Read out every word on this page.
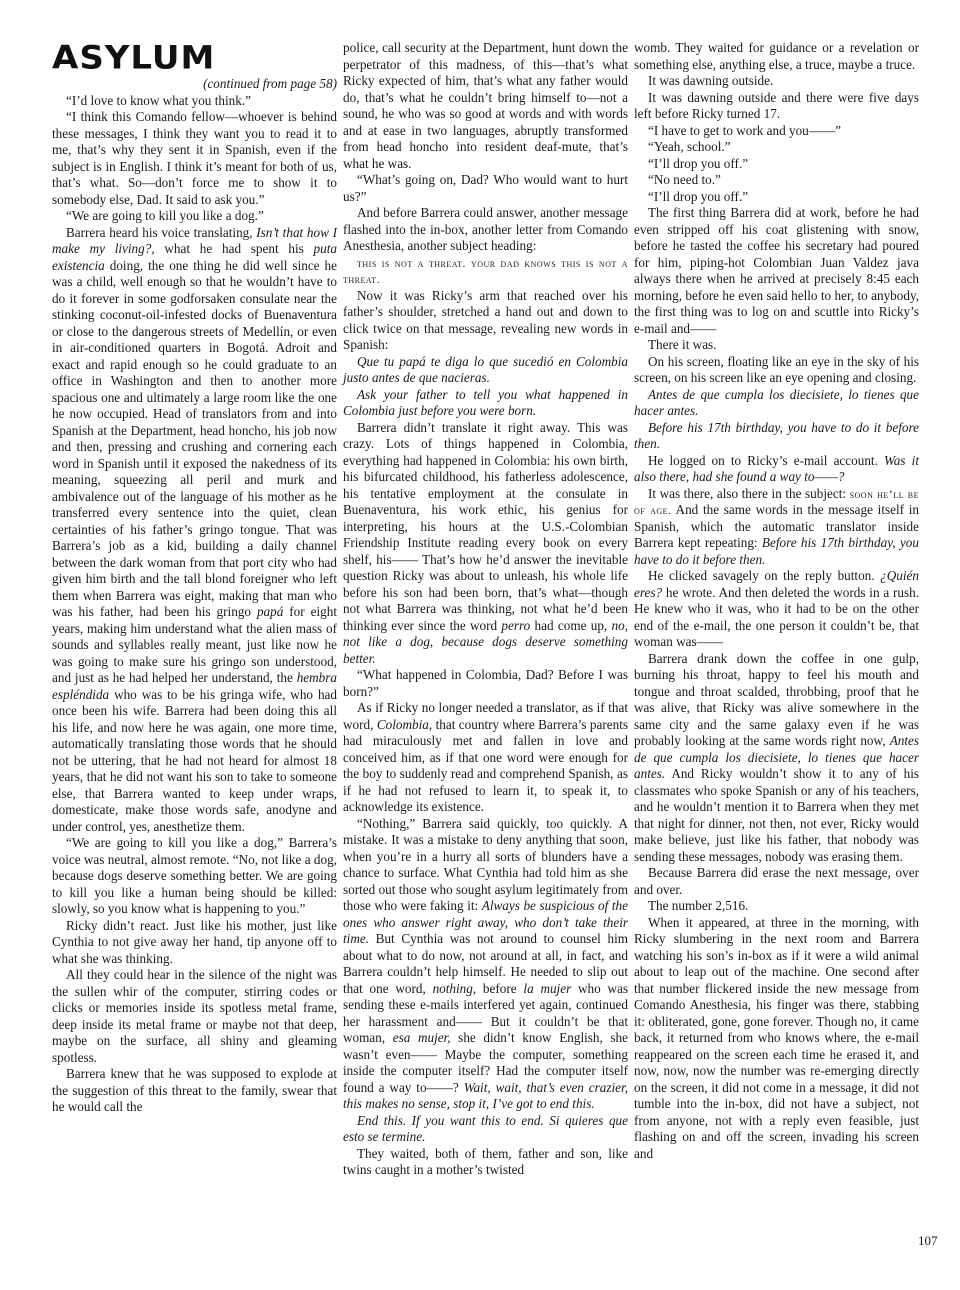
ASYLUM
(continued from page 58)

“I’d love to know what you think.”

“I think this Comando fellow—whoever is behind these messages, I think they want you to read it to me, that’s why they sent it in Spanish, even if the subject is in English. I think it’s meant for both of us, that’s what. So—don’t force me to show it to somebody else, Dad. It said to ask you.”

“We are going to kill you like a dog.”

Barrera heard his voice translating, Isn’t that how I make my living?, what he had spent his puta existencia doing, the one thing he did well since he was a child, well enough so that he wouldn’t have to do it forever in some godforsaken consulate near the stinking coconut-oil-infested docks of Buenaventura or close to the dangerous streets of Medellín, or even in air-conditioned quarters in Bogotá. Adroit and exact and rapid enough so he could graduate to an office in Washington and then to another more spacious one and ultimately a large room like the one he now occupied. Head of translators from and into Spanish at the Department, head honcho, his job now and then, pressing and crushing and cornering each word in Spanish until it exposed the nakedness of its meaning, squeezing all peril and murk and ambivalence out of the language of his mother as he transferred every sentence into the quiet, clean certainties of his father’s gringo tongue. That was Barrera’s job as a kid, building a daily channel between the dark woman from that port city who had given him birth and the tall blond foreigner who left them when Barrera was eight, making that man who was his father, had been his gringo papá for eight years, making him understand what the alien mass of sounds and syllables really meant, just like now he was going to make sure his gringo son understood, and just as he had helped her understand, the hembra espléndida who was to be his gringa wife, who had once been his wife. Barrera had been doing this all his life, and now here he was again, one more time, automatically translating those words that he should not be uttering, that he had not heard for almost 18 years, that he did not want his son to take to someone else, that Barrera wanted to keep under wraps, domesticate, make those words safe, anodyne and under control, yes, anesthetize them.

“We are going to kill you like a dog,” Barrera’s voice was neutral, almost remote. “No, not like a dog, because dogs deserve something better. We are going to kill you like a human being should be killed: slowly, so you know what is happening to you.”

Ricky didn’t react. Just like his mother, just like Cynthia to not give away her hand, tip anyone off to what she was thinking.

All they could hear in the silence of the night was the sullen whir of the computer, stirring codes or clicks or memories inside its spotless metal frame, deep inside its metal frame or maybe not that deep, maybe on the surface, all shiny and gleaming spotless.

Barrera knew that he was supposed to explode at the suggestion of this threat to the family, swear that he would call the

police, call security at the Department, hunt down the perpetrator of this madness, of this—that’s what Ricky expected of him, that’s what any father would do, that’s what he couldn’t bring himself to—not a sound, he who was so good at words and with words and at ease in two languages, abruptly transformed from head honcho into resident deaf-mute, that’s what he was.

“What’s going on, Dad? Who would want to hurt us?”

And before Barrera could answer, another message flashed into the in-box, another letter from Comando Anesthesia, another subject heading:

this is not a threat. your dad knows this is not a threat.

Now it was Ricky’s arm that reached over his father’s shoulder, stretched a hand out and down to click twice on that message, revealing new words in Spanish:

Que tu papá te diga lo que sucedió en Colombia justo antes de que nacieras.

Ask your father to tell you what happened in Colombia just before you were born.

Barrera didn’t translate it right away. This was crazy. Lots of things happened in Colombia, everything had happened in Colombia: his own birth, his bifurcated childhood, his fatherless adolescence, his tentative employment at the consulate in Buenaventura, his work ethic, his genius for interpreting, his hours at the U.S.-Colombian Friendship Institute reading every book on every shelf, his—— That’s how he’d answer the inevitable question Ricky was about to unleash, his whole life before his son had been born, that’s what—though not what Barrera was thinking, not what he’d been thinking ever since the word perro had come up, no, not like a dog, because dogs deserve something better.

“What happened in Colombia, Dad? Before I was born?”

As if Ricky no longer needed a translator, as if that word, Colombia, that country where Barrera’s parents had miraculously met and fallen in love and conceived him, as if that one word were enough for the boy to suddenly read and comprehend Spanish, as if he had not refused to learn it, to speak it, to acknowledge its existence.

“Nothing,” Barrera said quickly, too quickly. A mistake. It was a mistake to deny anything that soon, when you’re in a hurry all sorts of blunders have a chance to surface. What Cynthia had told him as she sorted out those who sought asylum legitimately from those who were faking it: Always be suspicious of the ones who answer right away, who don’t take their time. But Cynthia was not around to counsel him about what to do now, not around at all, in fact, and Barrera couldn’t help himself. He needed to slip out that one word, nothing, before la mujer who was sending these e-mails interfered yet again, continued her harassment and—— But it couldn’t be that woman, esa mujer, she didn’t know English, she wasn’t even—— Maybe the computer, something inside the computer itself? Had the computer itself found a way to——? Wait, wait, that’s even crazier, this makes no sense, stop it, I’ve got to end this.

End this. If you want this to end. Si quieres que esto se termine.

They waited, both of them, father and son, like twins caught in a mother’s twisted

womb. They waited for guidance or a revelation or something else, anything else, a truce, maybe a truce.

It was dawning outside.

It was dawning outside and there were five days left before Ricky turned 17.

“I have to get to work and you——”

“Yeah, school.”

“I’ll drop you off.”

“No need to.”

“I’ll drop you off.”

The first thing Barrera did at work, before he had even stripped off his coat glistening with snow, before he tasted the coffee his secretary had poured for him, piping-hot Colombian Juan Valdez java always there when he arrived at precisely 8:45 each morning, before he even said hello to her, to anybody, the first thing was to log on and scuttle into Ricky’s e-mail and——

There it was.

On his screen, floating like an eye in the sky of his screen, on his screen like an eye opening and closing.

Antes de que cumpla los diecisiete, lo tienes que hacer antes.

Before his 17th birthday, you have to do it before then.

He logged on to Ricky’s e-mail account. Was it also there, had she found a way to——?

It was there, also there in the subject: soon he’ll be of age. And the same words in the message itself in Spanish, which the automatic translator inside Barrera kept repeating: Before his 17th birthday, you have to do it before then.

He clicked savagely on the reply button. ¿Quién eres? he wrote. And then deleted the words in a rush. He knew who it was, who it had to be on the other end of the e-mail, the one person it couldn’t be, that woman was——

Barrera drank down the coffee in one gulp, burning his throat, happy to feel his mouth and tongue and throat scalded, throbbing, proof that he was alive, that Ricky was alive somewhere in the same city and the same galaxy even if he was probably looking at the same words right now, Antes de que cumpla los diecisiete, lo tienes que hacer antes. And Ricky wouldn’t show it to any of his classmates who spoke Spanish or any of his teachers, and he wouldn’t mention it to Barrera when they met that night for dinner, not then, not ever, Ricky would make believe, just like his father, that nobody was sending these messages, nobody was erasing them.

Because Barrera did erase the next message, over and over.

The number 2,516.

When it appeared, at three in the morning, with Ricky slumbering in the next room and Barrera watching his son’s in-box as if it were a wild animal about to leap out of the machine. One second after that number flickered inside the new message from Comando Anesthesia, his finger was there, stabbing it: obliterated, gone, gone forever. Though no, it came back, it returned from who knows where, the e-mail reappeared on the screen each time he erased it, and now, now, now the number was re-emerging directly on the screen, it did not come in a message, it did not tumble into the in-box, did not have a subject, not from anyone, not with a reply even feasible, just flashing on and off the screen, invading his screen and

107
